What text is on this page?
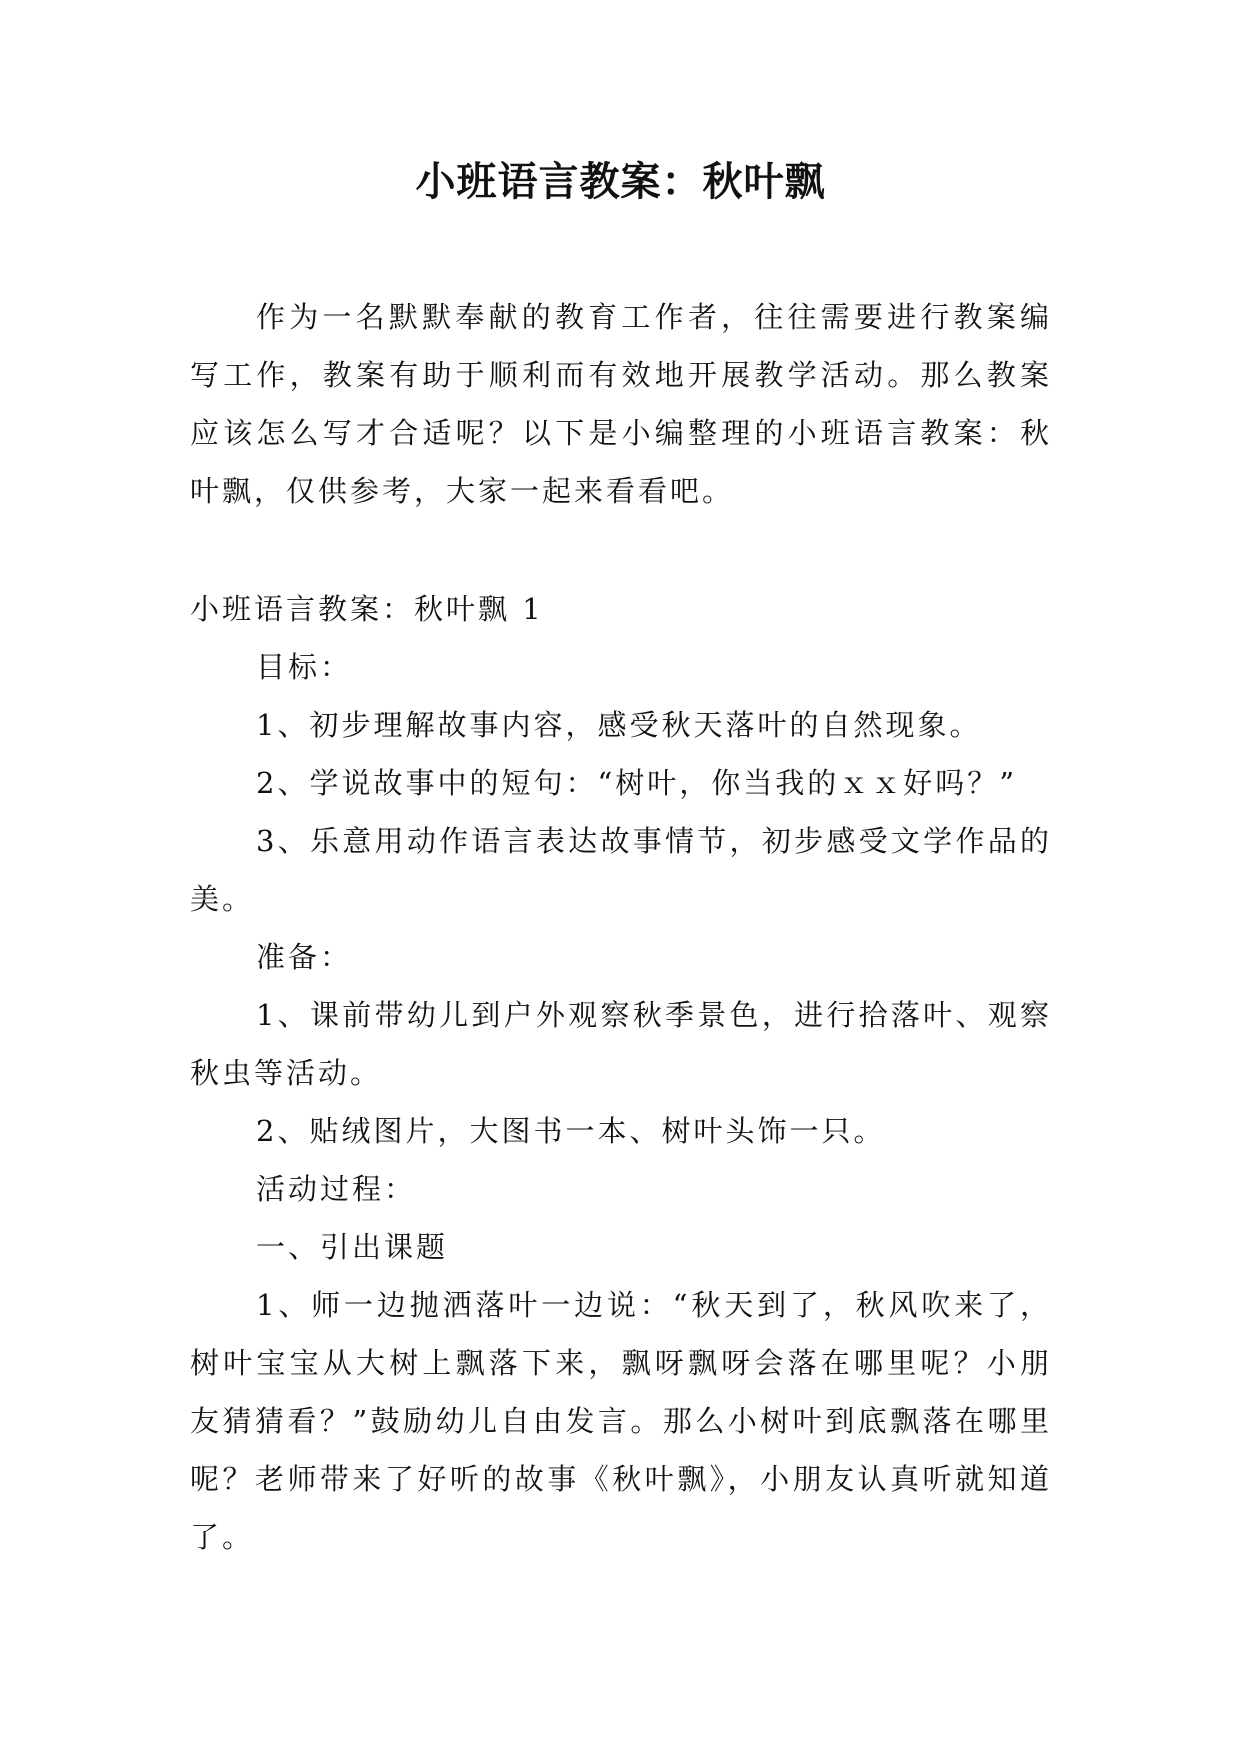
小班语言教案：秋叶飘

作为一名默默奉献的教育工作者，往往需要进行教案编写工作，教案有助于顺利而有效地开展教学活动。那么教案应该怎么写才合适呢？以下是小编整理的小班语言教案：秋叶飘，仅供参考，大家一起来看看吧。

小班语言教案：秋叶飘 1

目标：

1、初步理解故事内容，感受秋天落叶的自然现象。

2、学说故事中的短句：“树叶，你当我的ｘｘ好吗？”

3、乐意用动作语言表达故事情节，初步感受文学作品的美。

准备：

1、课前带幼儿到户外观察秋季景色，进行拾落叶、观察秋虫等活动。

2、贴绒图片，大图书一本、树叶头饰一只。

活动过程：

一、引出课题

1、师一边抛洒落叶一边说：“秋天到了，秋风吹来了，树叶宝宝从大树上飘落下来，飘呀飘呀会落在哪里呢？小朋友猜猜看？”鼓励幼儿自由发言。那么小树叶到底飘落在哪里呢？老师带来了好听的故事《秋叶飘》，小朋友认真听就知道了。
